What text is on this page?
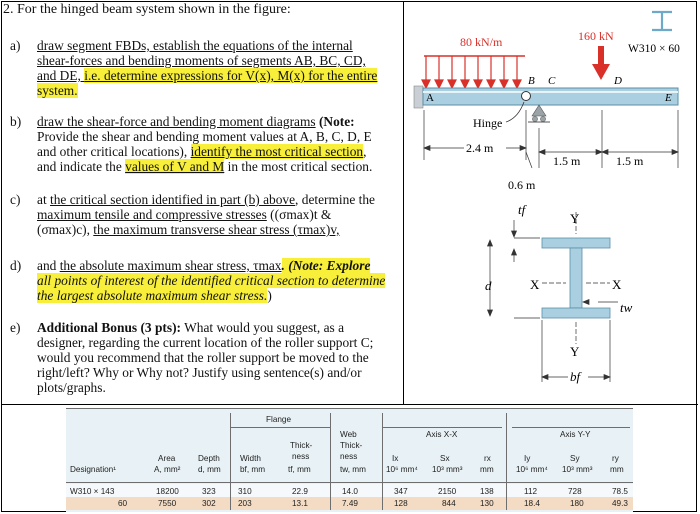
2. For the hinged beam system shown in the figure:
a) draw segment FBDs, establish the equations of the internal
shear-forces and bending moments of segments AB, BC, CD,
and DE, i.e. determine expressions for V(x), M(x) for the entire
system.
b) draw the shear-force and bending moment diagrams (Note:
Provide the shear and bending moment values at A, B, C, D, E
and other critical locations), identify the most critical section,
and indicate the values of V and M in the most critical section.
c) at the critical section identified in part (b) above, determine the
maximum tensile and compressive stresses ((σmax)t &
(σmax)c), the maximum transverse shear stress (τmax)v,
d) and the absolute maximum shear stress, τmax. (Note: Explore
all points of interest of the identified critical section to determine
the largest absolute maximum shear stress.)
e) Additional Bonus (3 pts): What would you suggest, as a
designer, regarding the current location of the roller support C;
would you recommend that the roller support be moved to the
right/left? Why or Why not? Justify using sentence(s) and/or
plots/graphs.
80 kN/m	160 kN
W310 × 60
A
B C	D
E
Hinge
2.4 m
1.5 m	1.5 m
0.6 m
tf
Y
d	X	X
tw
Y
bf
Flange
Web	Axis X-X	Axis Y-Y
Thick-
ness
tf, mm
Thick-
ness
tw, mm
Designation¹
Area
A, mm²
Depth
d, mm
Width
bf, mm
Ix
10⁶ mm⁴
Sx
10³ mm³
rx
mm
Iy
10⁶ mm⁴
Sy
10³ mm³
ry
mm
W310 × 143	18200	323	310	22.9	14.0	347	2150	138	112	728	78.5
60	7550	302	203	13.1	7.49	128	844	130	18.4	180	49.3
